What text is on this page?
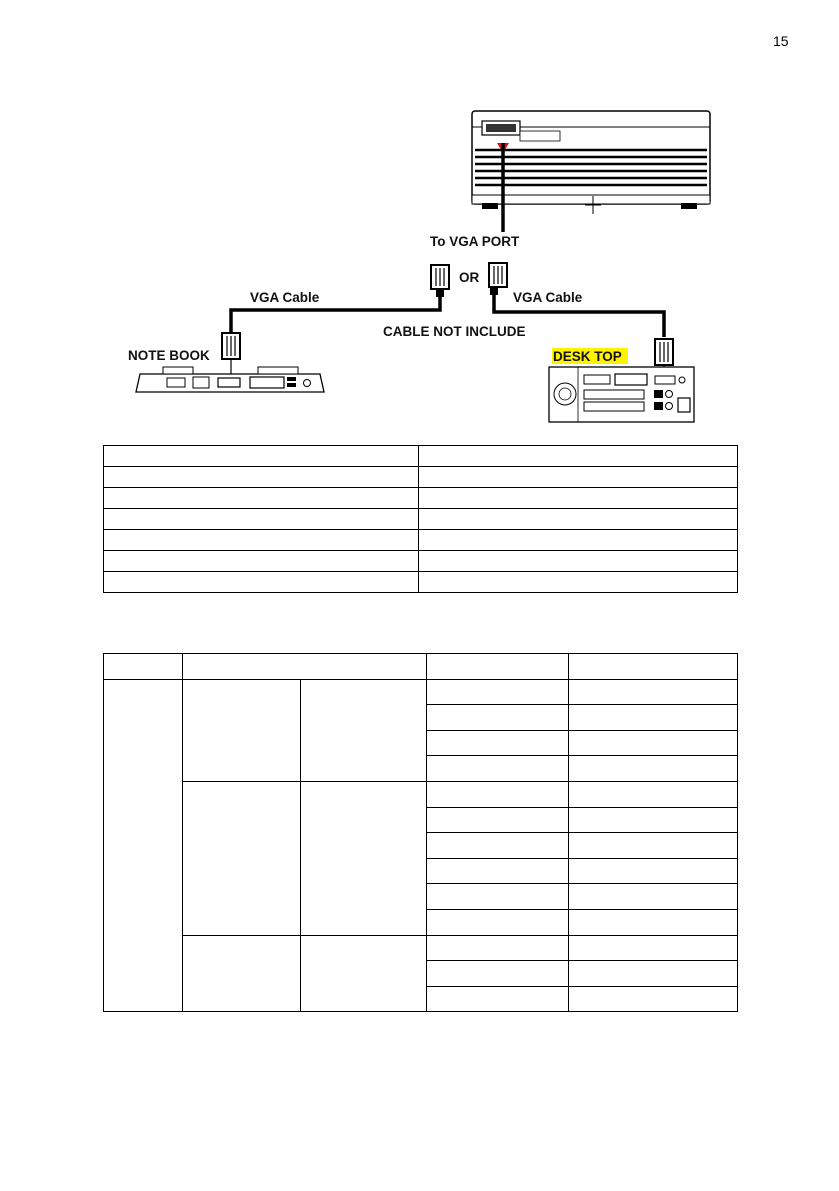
15
To VGA PORT
OR
VGA Cable	VGA Cable
CABLE NOT INCLUDE
NOTE BOOK	DESK TOP
